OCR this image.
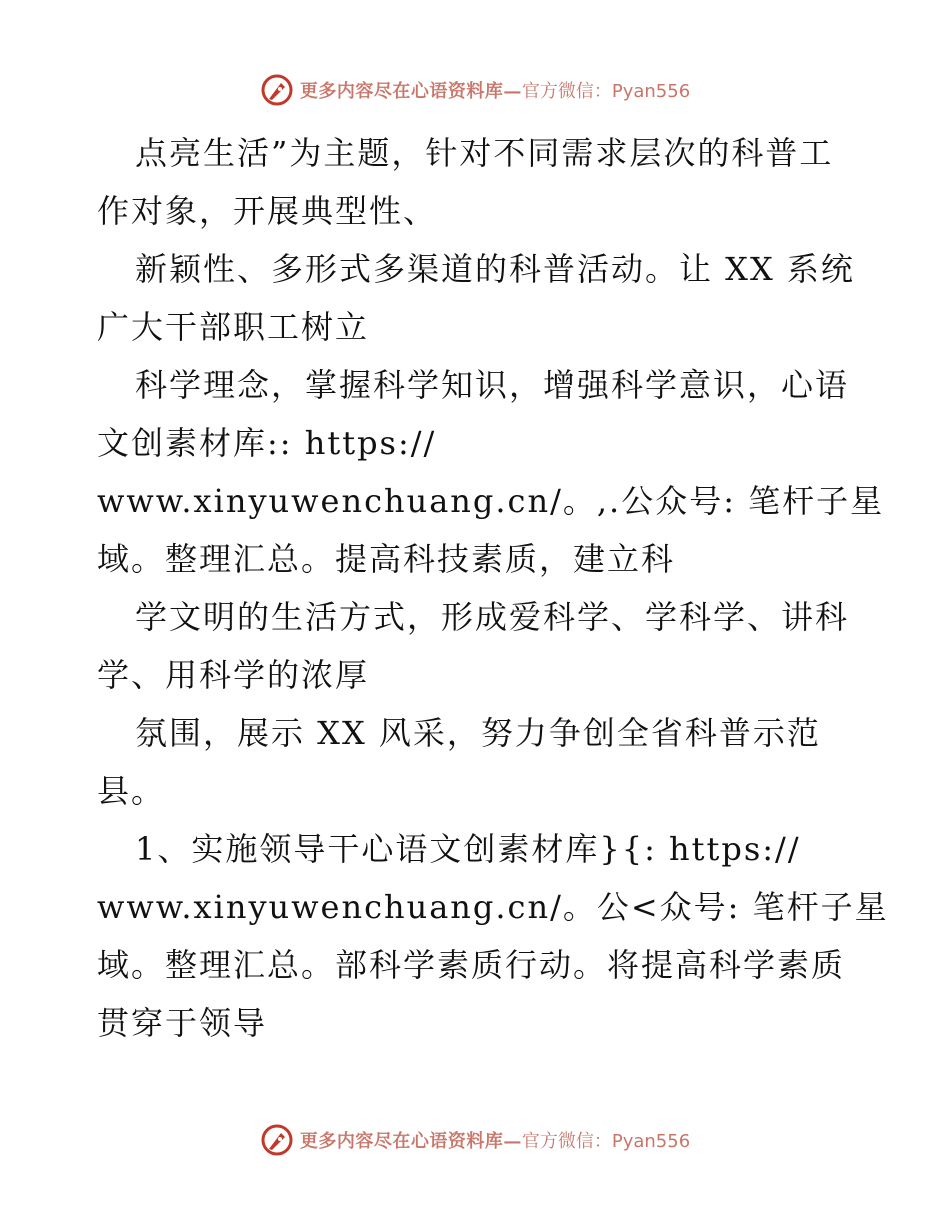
更多内容尽在心语资料库— 官方微信：Pyan556
点亮生活”为主题，针对不同需求层次的科普工
作对象，开展典型性、
新颖性、多形式多渠道的科普活动。让 XX 系统
广大干部职工树立
科学理念，掌握科学知识，增强科学意识，心语
文创素材库:: https://
www.xinyuwenchuang.cn/。,.公众号: 笔杆子星
域。整理汇总。提高科技素质，建立科
学文明的生活方式，形成爱科学、学科学、讲科
学、用科学的浓厚
氛围，展示 XX 风采，努力争创全省科普示范
县。
1、实施领导干心语文创素材库}{: https://
www.xinyuwenchuang.cn/。公<众号: 笔杆子星
域。整理汇总。部科学素质行动。将提高科学素质
贯穿于领导
更多内容尽在心语资料库— 官方微信：Pyan556
